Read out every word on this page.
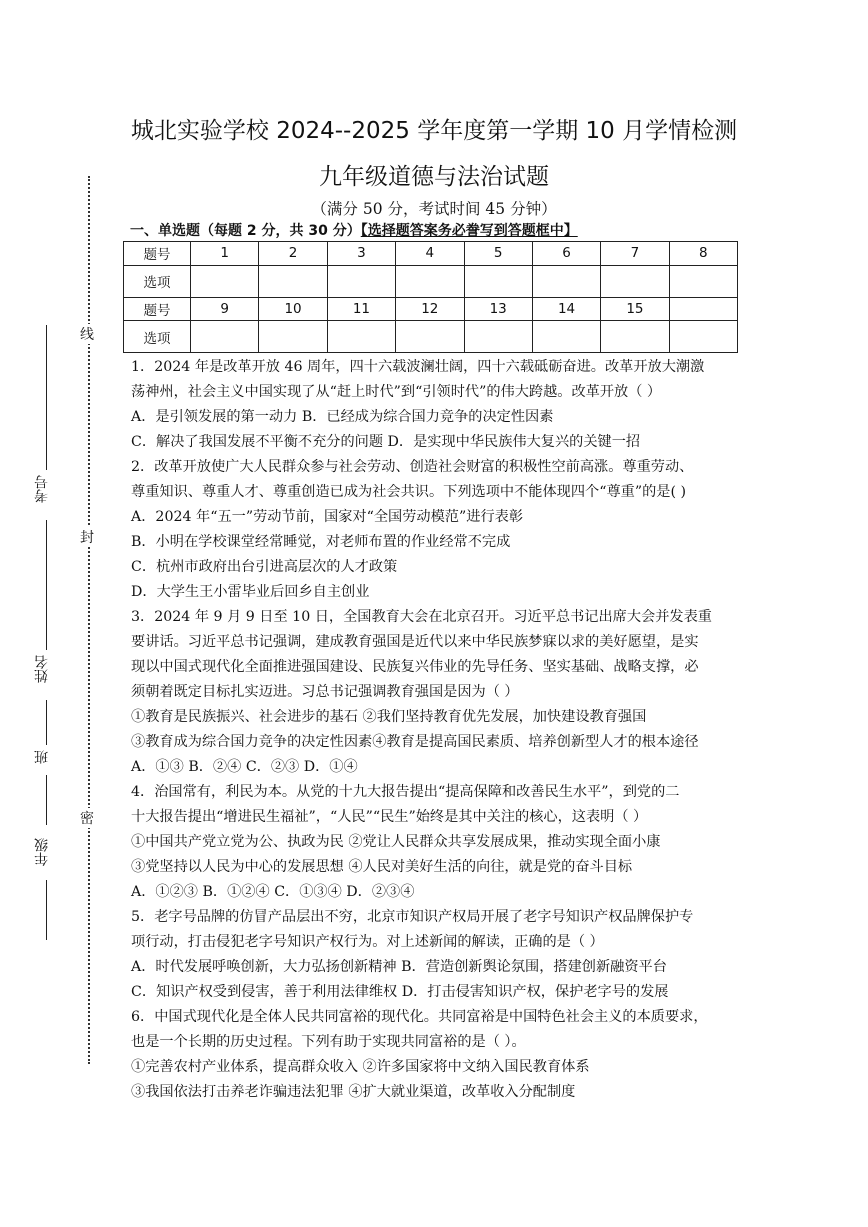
线
封
密
考号
姓名
班
年级
城北实验学校 2024--2025 学年度第一学期 10 月学情检测
九年级道德与法治试题
（满分 50 分，考试时间 45 分钟）
一、单选题（每题 2 分，共 30 分）【选择题答案务必誊写到答题框中】
题号	1	2	3	4	5	6	7	8
选项								
题号	9	10	11	12	13	14	15	
选项								
1．2024 年是改革开放 46 周年，四十六载波澜壮阔，四十六载砥砺奋进。改革开放大潮激
荡神州，社会主义中国实现了从“赶上时代”到“引领时代”的伟大跨越。改革开放（ ）
A．是引领发展的第一动力 B．已经成为综合国力竞争的决定性因素
C．解决了我国发展不平衡不充分的问题 D．是实现中华民族伟大复兴的关键一招
2．改革开放使广大人民群众参与社会劳动、创造社会财富的积极性空前高涨。尊重劳动、
尊重知识、尊重人才、尊重创造已成为社会共识。下列选项中不能体现四个“尊重”的是( )
A．2024 年“五一”劳动节前，国家对“全国劳动模范”进行表彰
B．小明在学校课堂经常睡觉，对老师布置的作业经常不完成
C．杭州市政府出台引进高层次的人才政策
D．大学生王小雷毕业后回乡自主创业
3．2024 年 9 月 9 日至 10 日，全国教育大会在北京召开。习近平总书记出席大会并发表重
要讲话。习近平总书记强调，建成教育强国是近代以来中华民族梦寐以求的美好愿望，是实
现以中国式现代化全面推进强国建设、民族复兴伟业的先导任务、坚实基础、战略支撑，必
须朝着既定目标扎实迈进。习总书记强调教育强国是因为（ ）
①教育是民族振兴、社会进步的基石 ②我们坚持教育优先发展，加快建设教育强国
③教育成为综合国力竞争的决定性因素④教育是提高国民素质、培养创新型人才的根本途径
A．①③ B．②④ C．②③ D．①④
4．治国常有，利民为本。从党的十九大报告提出“提高保障和改善民生水平”，到党的二
十大报告提出“增进民生福祉”，“人民”“民生”始终是其中关注的核心，这表明（ ）
①中国共产党立党为公、执政为民 ②党让人民群众共享发展成果，推动实现全面小康
③党坚持以人民为中心的发展思想 ④人民对美好生活的向往，就是党的奋斗目标
A．①②③ B．①②④ C．①③④ D．②③④
5．老字号品牌的仿冒产品层出不穷，北京市知识产权局开展了老字号知识产权品牌保护专
项行动，打击侵犯老字号知识产权行为。对上述新闻的解读，正确的是（ ）
A．时代发展呼唤创新，大力弘扬创新精神 B．营造创新舆论氛围，搭建创新融资平台
C．知识产权受到侵害，善于利用法律维权 D．打击侵害知识产权，保护老字号的发展
6．中国式现代化是全体人民共同富裕的现代化。共同富裕是中国特色社会主义的本质要求，
也是一个长期的历史过程。下列有助于实现共同富裕的是（ ）。
①完善农村产业体系，提高群众收入 ②许多国家将中文纳入国民教育体系
③我国依法打击养老诈骗违法犯罪 ④扩大就业渠道，改革收入分配制度
